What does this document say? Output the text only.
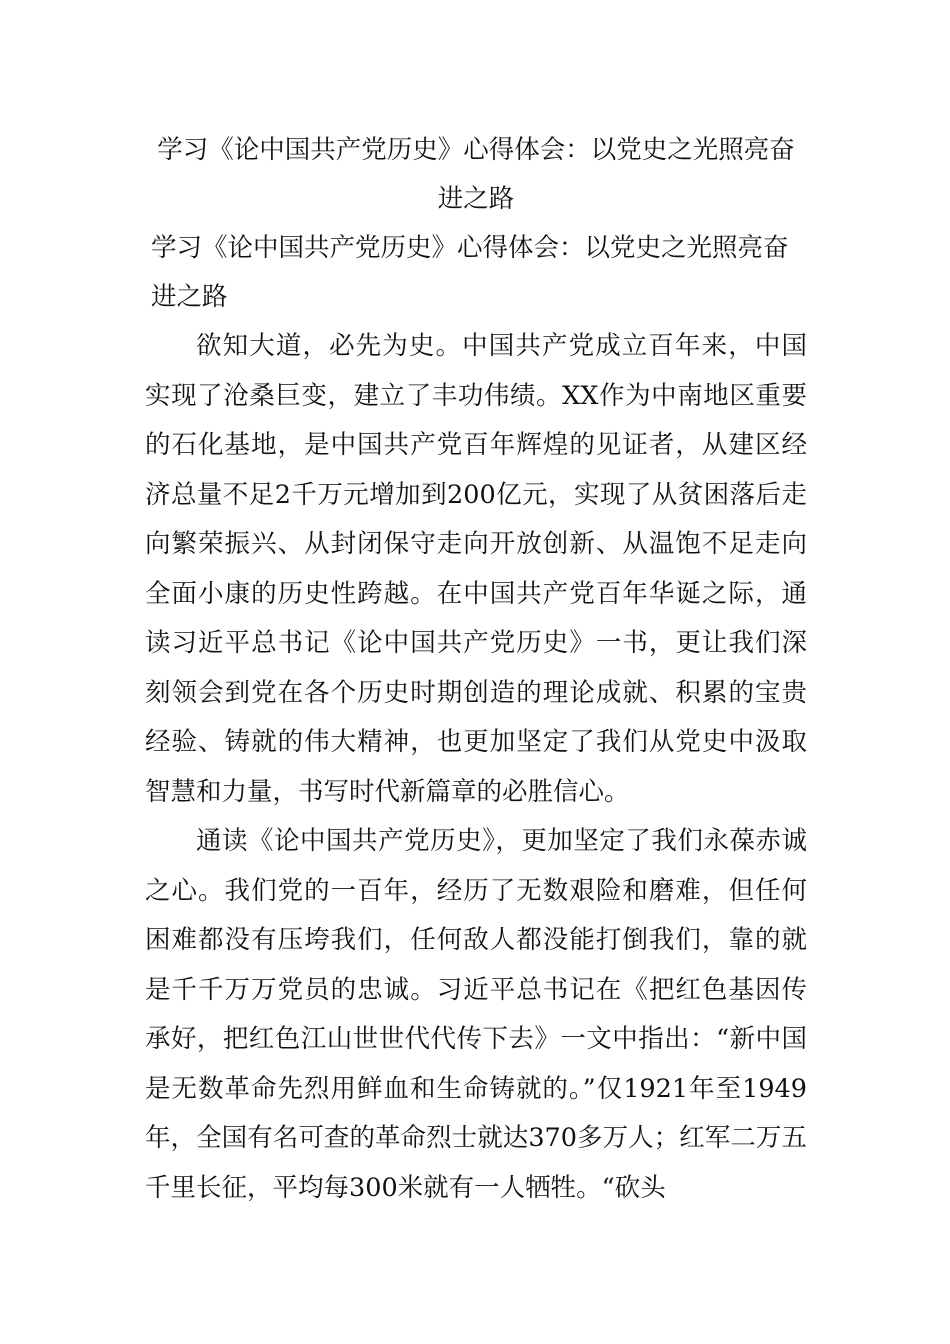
学习《论中国共产党历史》心得体会：以党史之光照亮奋进之路

学习《论中国共产党历史》心得体会：以党史之光照亮奋进之路

欲知大道，必先为史。中国共产党成立百年来，中国实现了沧桑巨变，建立了丰功伟绩。XX作为中南地区重要的石化基地，是中国共产党百年辉煌的见证者，从建区经济总量不足2千万元增加到200亿元，实现了从贫困落后走向繁荣振兴、从封闭保守走向开放创新、从温饱不足走向全面小康的历史性跨越。在中国共产党百年华诞之际，通读习近平总书记《论中国共产党历史》一书，更让我们深刻领会到党在各个历史时期创造的理论成就、积累的宝贵经验、铸就的伟大精神，也更加坚定了我们从党史中汲取智慧和力量，书写时代新篇章的必胜信心。

通读《论中国共产党历史》，更加坚定了我们永葆赤诚之心。我们党的一百年，经历了无数艰险和磨难，但任何困难都没有压垮我们，任何敌人都没能打倒我们，靠的就是千千万万党员的忠诚。习近平总书记在《把红色基因传承好，把红色江山世世代代传下去》一文中指出：“新中国是无数革命先烈用鲜血和生命铸就的。”仅1921年至1949年，全国有名可查的革命烈士就达370多万人；红军二万五千里长征，平均每300米就有一人牺牲。“砍头
